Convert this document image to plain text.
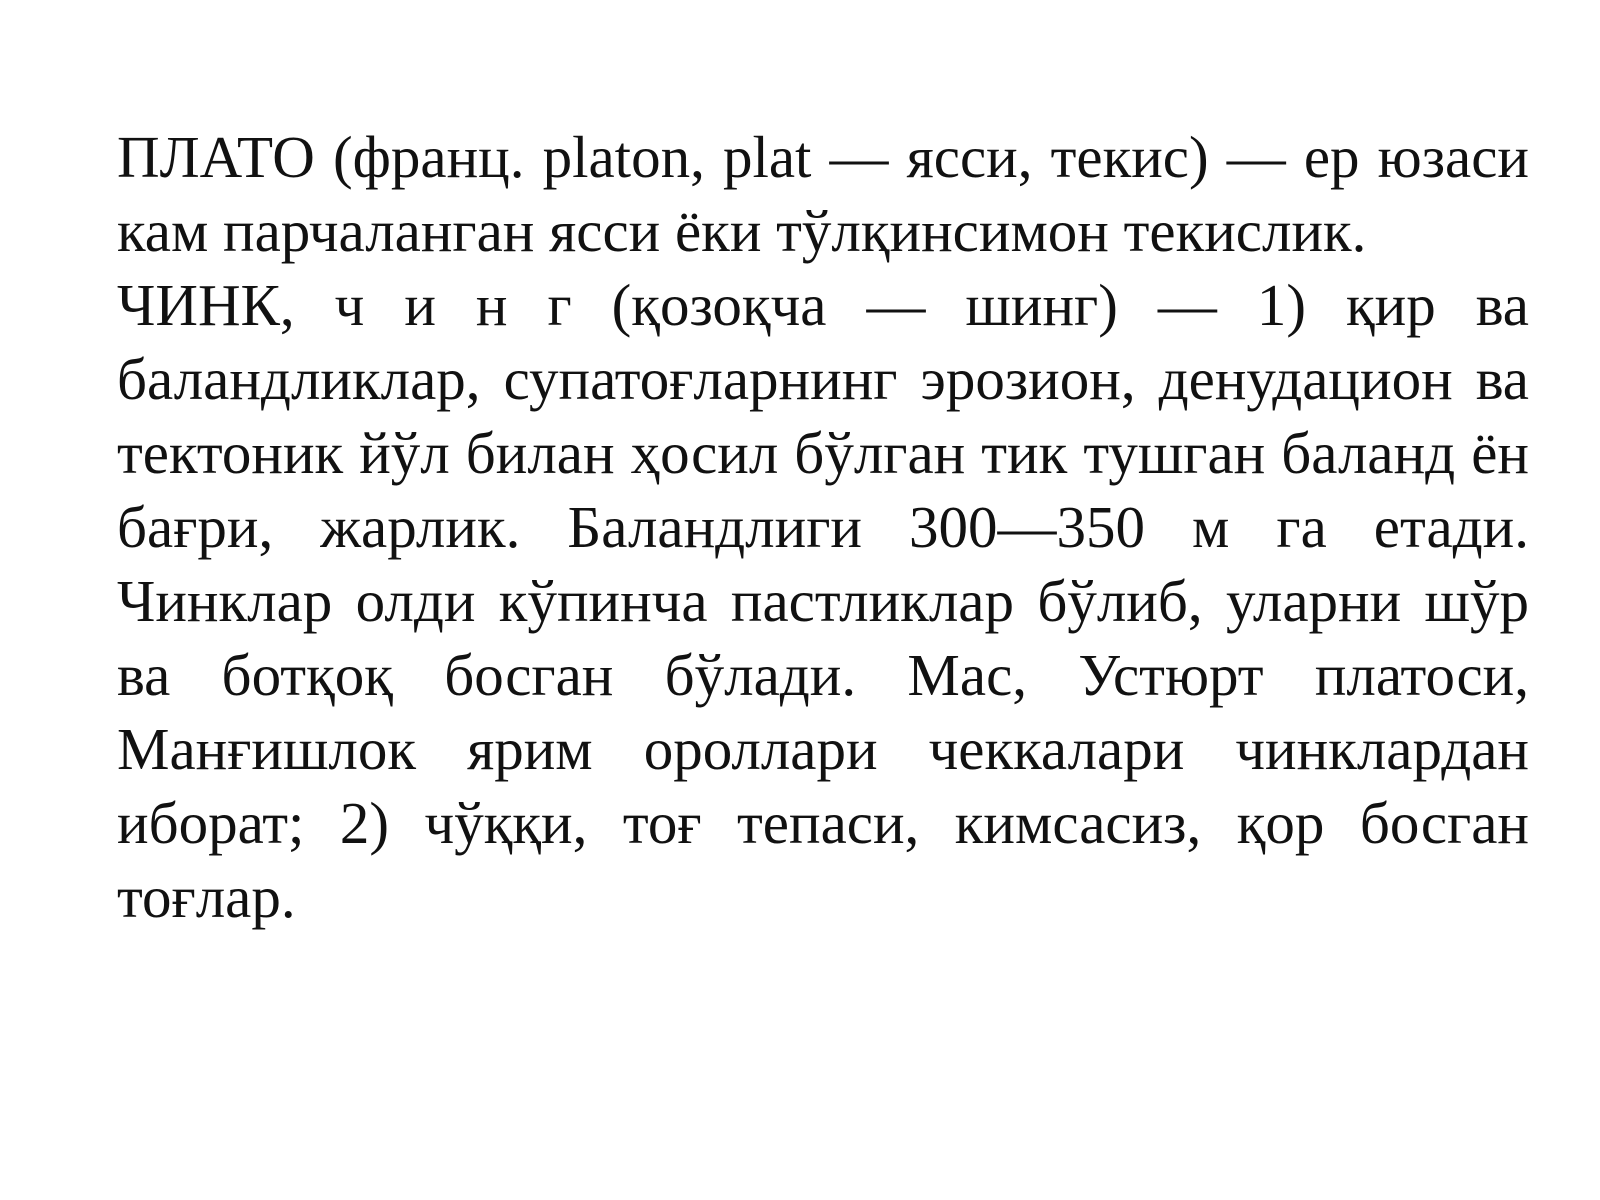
ПЛАТО (франц. platon, plat — ясси, текис) — ер юзаси кам парчаланган ясси ёки тўлқинсимон текислик.

ЧИНК, ч и н г (қозоқча — шинг) — 1) қир ва баландликлар, супатоғларнинг эрозион, денудацион ва тектоник йўл билан ҳосил бўлган тик тушган баланд ён бағри, жарлик. Баландлиги 300—350 м га етади. Чинклар олди кўпинча пастликлар бўлиб, уларни шўр ва ботқоқ босган бўлади. Мас, Устюрт платоси, Манғишлок ярим ороллари чеккалари чинклардан иборат; 2) чўққи, тоғ тепаси, кимсасиз, қор босган тоғлар.
